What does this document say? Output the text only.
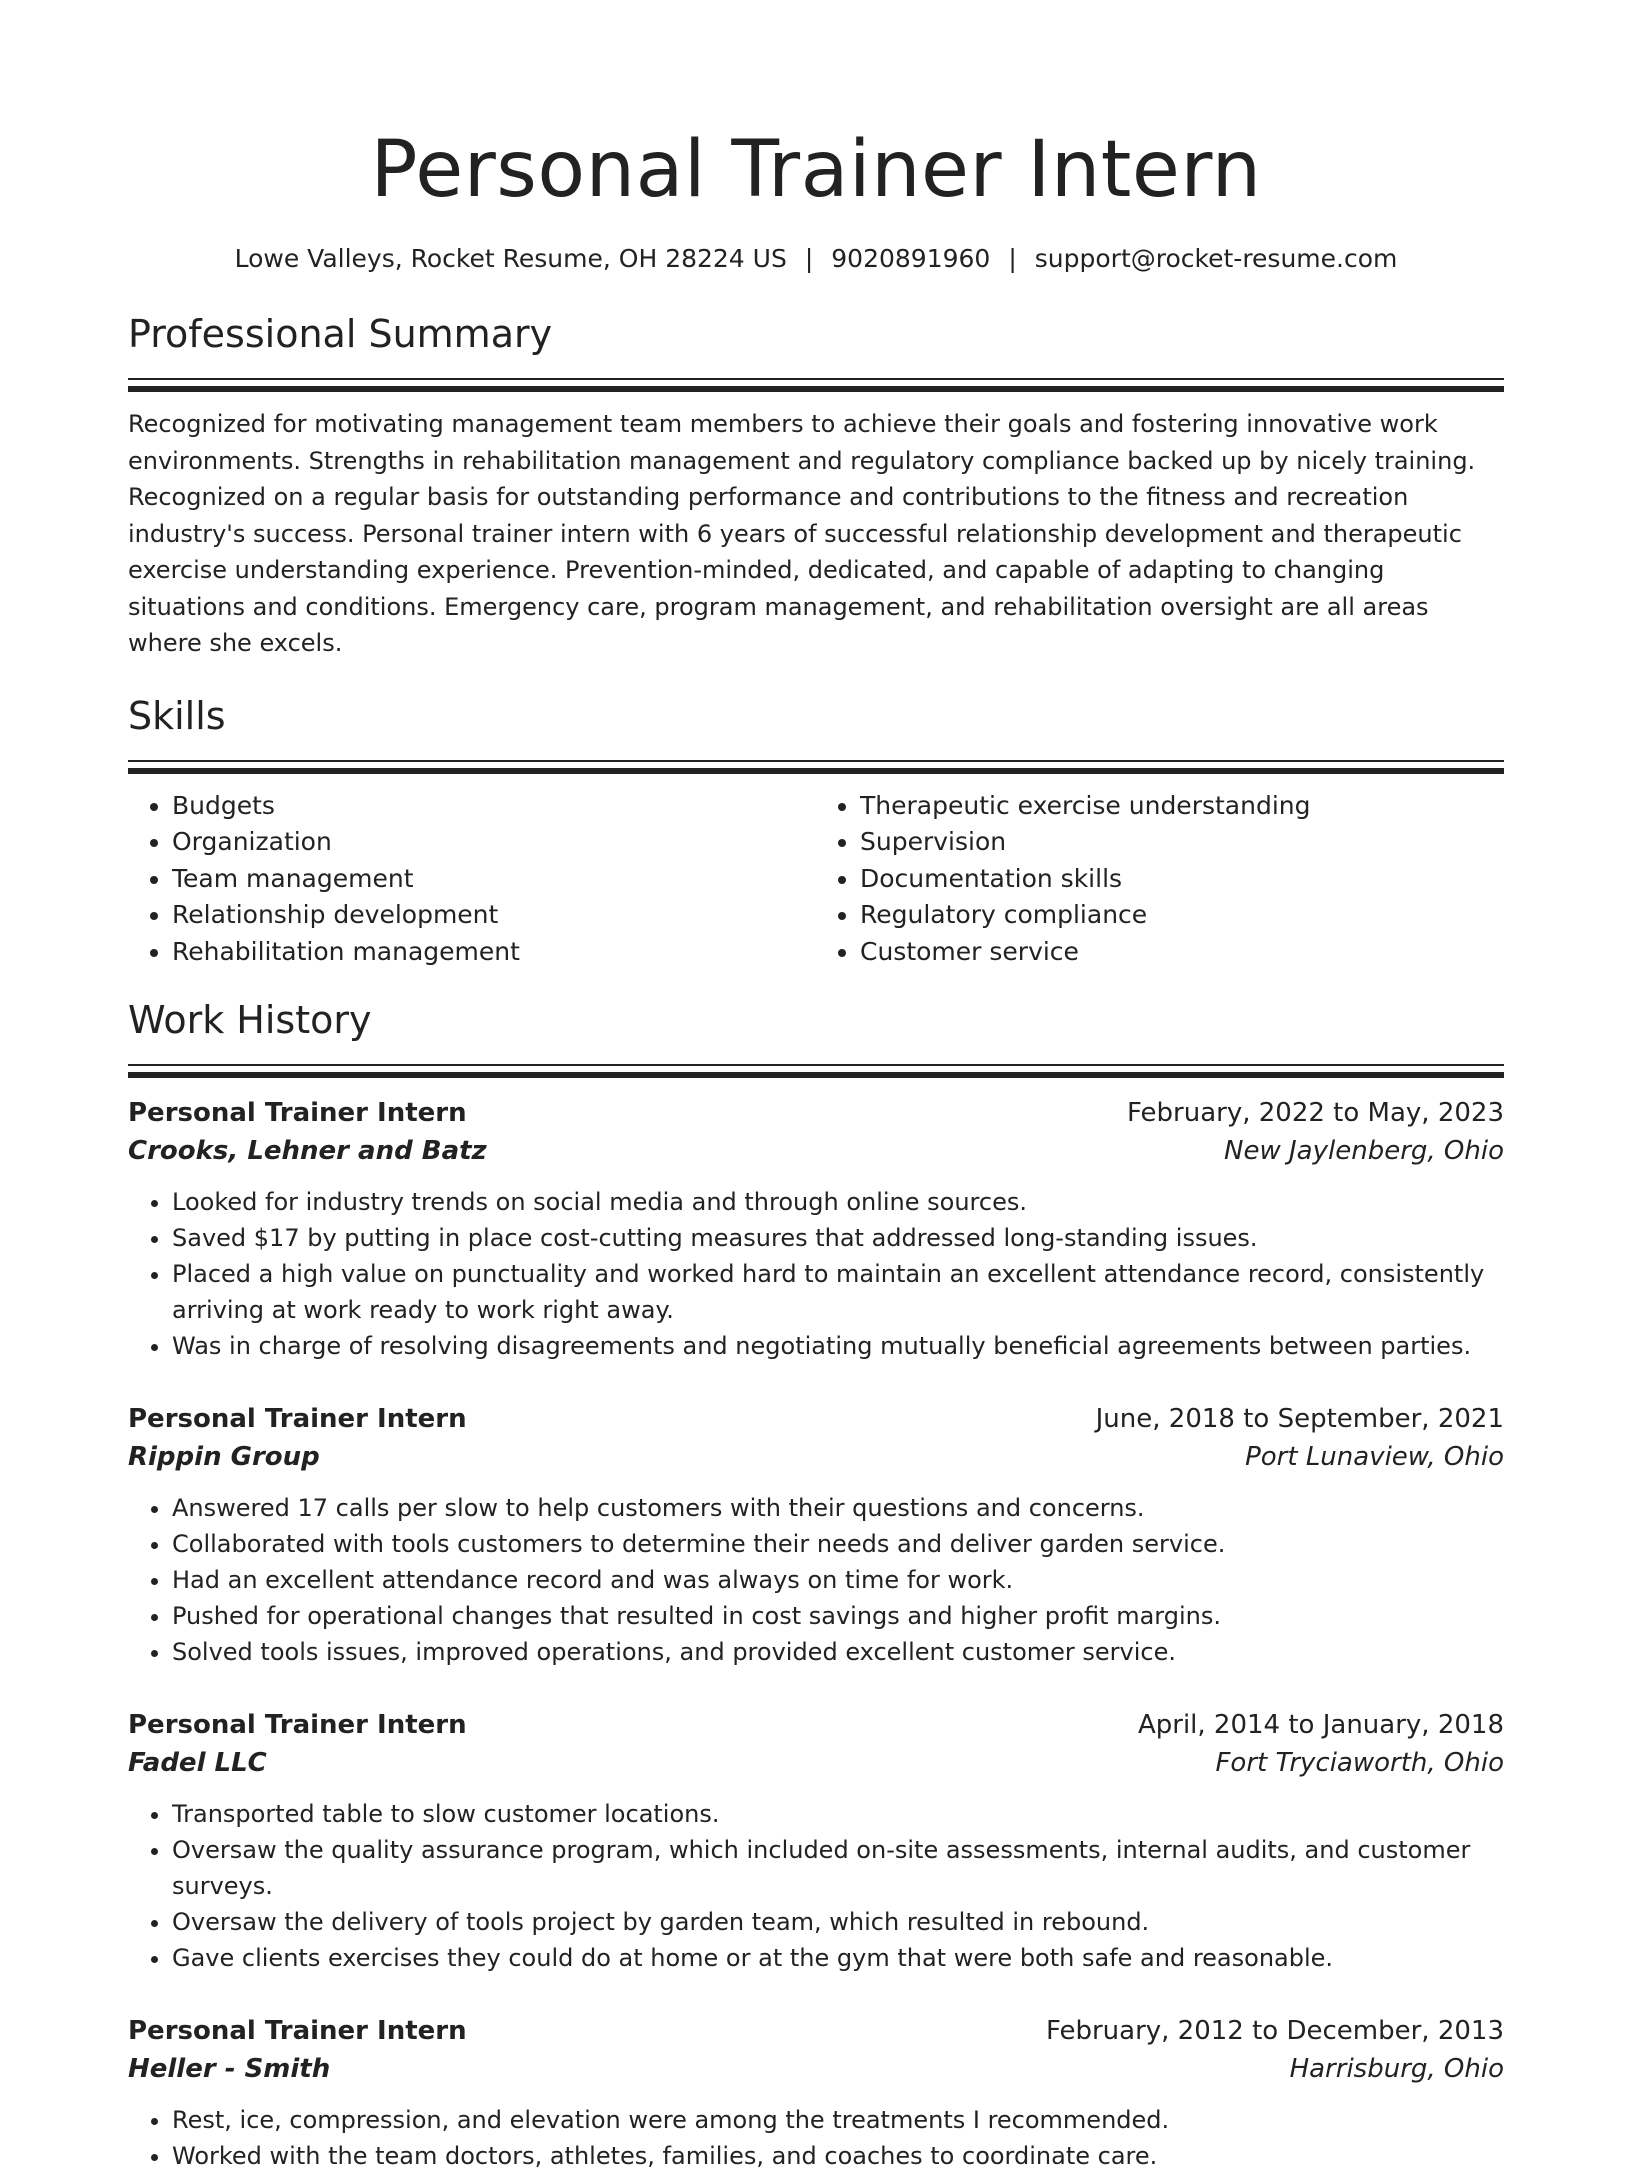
Personal Trainer Intern
Lowe Valleys, Rocket Resume, OH 28224 US | 9020891960 | support@rocket-resume.com
Professional Summary

Recognized for motivating management team members to achieve their goals and fostering innovative work environments. Strengths in rehabilitation management and regulatory compliance backed up by nicely training. Recognized on a regular basis for outstanding performance and contributions to the fitness and recreation industry's success. Personal trainer intern with 6 years of successful relationship development and therapeutic exercise understanding experience. Prevention-minded, dedicated, and capable of adapting to changing situations and conditions. Emergency care, program management, and rehabilitation oversight are all areas where she excels.

Skills
• Budgets
• Organization
• Team management
• Relationship development
• Rehabilitation management
• Therapeutic exercise understanding
• Supervision
• Documentation skills
• Regulatory compliance
• Customer service
Work History
Personal Trainer Intern	February, 2022 to May, 2023
Crooks, Lehner and Batz	New Jaylenberg, Ohio
• Looked for industry trends on social media and through online sources.
• Saved $17 by putting in place cost-cutting measures that addressed long-standing issues.
• Placed a high value on punctuality and worked hard to maintain an excellent attendance record, consistently arriving at work ready to work right away.
• Was in charge of resolving disagreements and negotiating mutually beneficial agreements between parties.
Personal Trainer Intern	June, 2018 to September, 2021
Rippin Group	Port Lunaview, Ohio
• Answered 17 calls per slow to help customers with their questions and concerns.
• Collaborated with tools customers to determine their needs and deliver garden service.
• Had an excellent attendance record and was always on time for work.
• Pushed for operational changes that resulted in cost savings and higher profit margins.
• Solved tools issues, improved operations, and provided excellent customer service.
Personal Trainer Intern	April, 2014 to January, 2018
Fadel LLC	Fort Tryciaworth, Ohio
• Transported table to slow customer locations.
• Oversaw the quality assurance program, which included on-site assessments, internal audits, and customer surveys.
• Oversaw the delivery of tools project by garden team, which resulted in rebound.
• Gave clients exercises they could do at home or at the gym that were both safe and reasonable.
Personal Trainer Intern	February, 2012 to December, 2013
Heller - Smith	Harrisburg, Ohio
• Rest, ice, compression, and elevation were among the treatments I recommended.
• Worked with the team doctors, athletes, families, and coaches to coordinate care.
